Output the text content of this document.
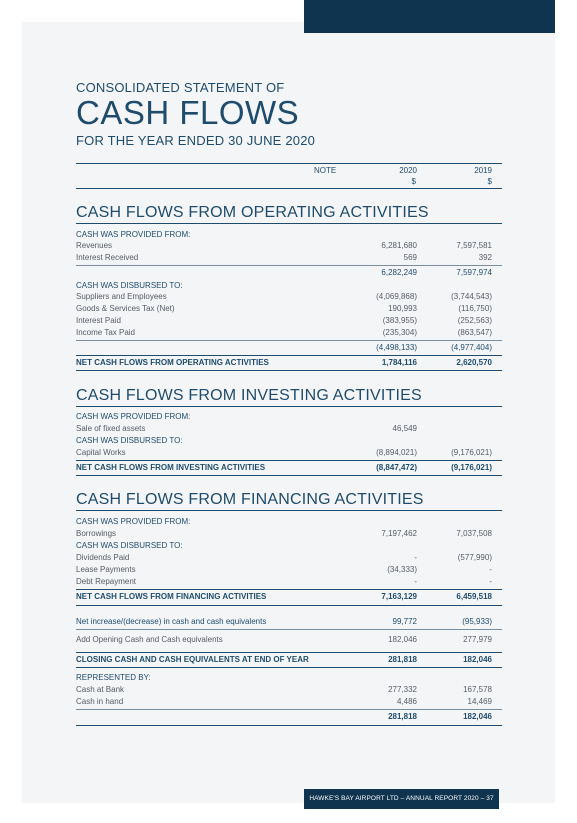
CONSOLIDATED STATEMENT OF
CASH FLOWS
FOR THE YEAR ENDED 30 JUNE 2020
NOTE	2020	2019
$	$
CASH FLOWS FROM OPERATING ACTIVITIES
CASH WAS PROVIDED FROM:
Revenues	6,281,680	7,597,581
Interest Received	569	392
6,282,249	7,597,974
CASH WAS DISBURSED TO:
Suppliers and Employees	(4,069,868)	(3,744,543)
Goods & Services Tax (Net)	190,993	(116,750)
Interest Paid	(383,955)	(252,563)
Income Tax Paid	(235,304)	(863,547)
(4,498,133)	(4,977,404)
NET CASH FLOWS FROM OPERATING ACTIVITIES	1,784,116	2,620,570
CASH FLOWS FROM INVESTING ACTIVITIES
CASH WAS PROVIDED FROM:
Sale of fixed assets	46,549
CASH WAS DISBURSED TO:
Capital Works	(8,894,021)	(9,176,021)
NET CASH FLOWS FROM INVESTING ACTIVITIES	(8,847,472)	(9,176,021)
CASH FLOWS FROM FINANCING ACTIVITIES
CASH WAS PROVIDED FROM:
Borrowings	7,197,462	7,037,508
CASH WAS DISBURSED TO:
Dividends Paid	-	(577,990)
Lease Payments	(34,333)	-
Debt Repayment	-	-
NET CASH FLOWS FROM FINANCING ACTIVITIES	7,163,129	6,459,518
Net increase/(decrease) in cash and cash equivalents	99,772	(95,933)
Add Opening Cash and Cash equivalents	182,046	277,979
CLOSING CASH AND CASH EQUIVALENTS AT END OF YEAR	281,818	182,046
REPRESENTED BY:
Cash at Bank	277,332	167,578
Cash in hand	4,486	14,469
281,818	182,046
HAWKE'S BAY AIRPORT LTD – ANNUAL REPORT 2020 – 37
